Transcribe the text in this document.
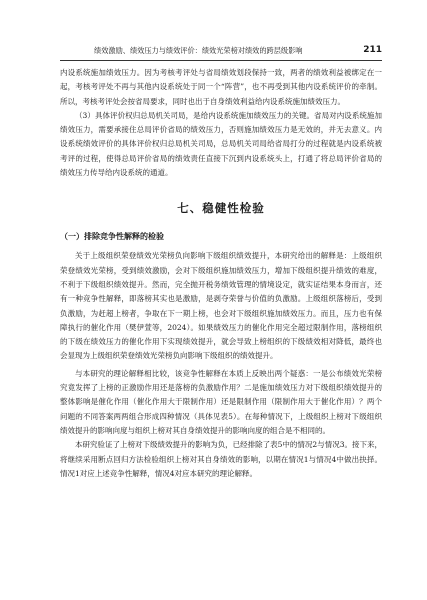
绩效激励、绩效压力与绩效评价：绩效光荣榜对绩效的跨层级影响	211

内设系统施加绩效压力。因为考核考评处与省局绩效划段保持一致，两者的绩效利益被绑定在一起，考核考评处不再与其他内设系统处于同一个“阵营”，也不再受到其他内设系统评价的牵制。所以，考核考评处会按省局要求，同时也出于自身绩效利益给内设系统施加绩效压力。

（3）具体评价权归总局机关司局，是给内设系统施加绩效压力的关键。省局对内设系统施加绩效压力，需要承接住总局评价省局的绩效压力，否则施加绩效压力是无效的，并无去意义。内设系统绩效评价的具体评价权归总局机关司局，总局机关司局给省局打分的过程就是内设系统被考评的过程，使得总局评价省局的绩效责任直接下沉到内设系统头上，打通了将总局评价省局的绩效压力传导给内设系统的通道。

七、稳健性检验
（一）排除竞争性解释的检验

关于上级组织荣登绩效光荣榜负向影响下级组织绩效提升，本研究给出的解释是：上级组织荣登绩效光荣榜，受到绩效激励，会对下级组织施加绩效压力，增加下级组织提升绩效的难度，不利于下级组织绩效提升。然而，完全抛开税务绩效管理的情境设定，就实证结果本身而言，还有一种竞争性解释，即落榜其实也是激励，是剥夺荣誉与价值的负激励。上级组织落榜后，受到负激励，为赶超上榜者，争取在下一期上榜，也会对下级组织施加绩效压力。而且，压力也有保障执行的催化作用（樊伊萱等，2024）。如果绩效压力的催化作用完全超过限制作用，落榜组织的下级在绩效压力的催化作用下实现绩效提升，就会导致上榜组织的下级绩效相对降低，最终也会显现为上级组织荣登绩效光荣榜负向影响下级组织的绩效提升。

与本研究的理论解释相比较，该竞争性解释在本质上反映出两个疑惑：一是公布绩效光荣榜究竟发挥了上榜的正激励作用还是落榜的负激励作用？二是施加绩效压力对下级组织绩效提升的整体影响是催化作用（催化作用大于限制作用）还是限制作用（限制作用大于催化作用）？两个问题的不同答案两两组合形成四种情况（具体见表5）。在每种情况下，上级组织上榜对下级组织绩效提升的影响向度与组织上榜对其自身绩效提升的影响向度的组合是不相同的。

本研究验证了上榜对下级绩效提升的影响为负，已经排除了表5中的情况2与情况3。接下来，将继续采用断点回归方法检验组织上榜对其自身绩效的影响，以期在情况1与情况4中做出抉择。情况1对应上述竞争性解释，情况4对应本研究的理论解释。
